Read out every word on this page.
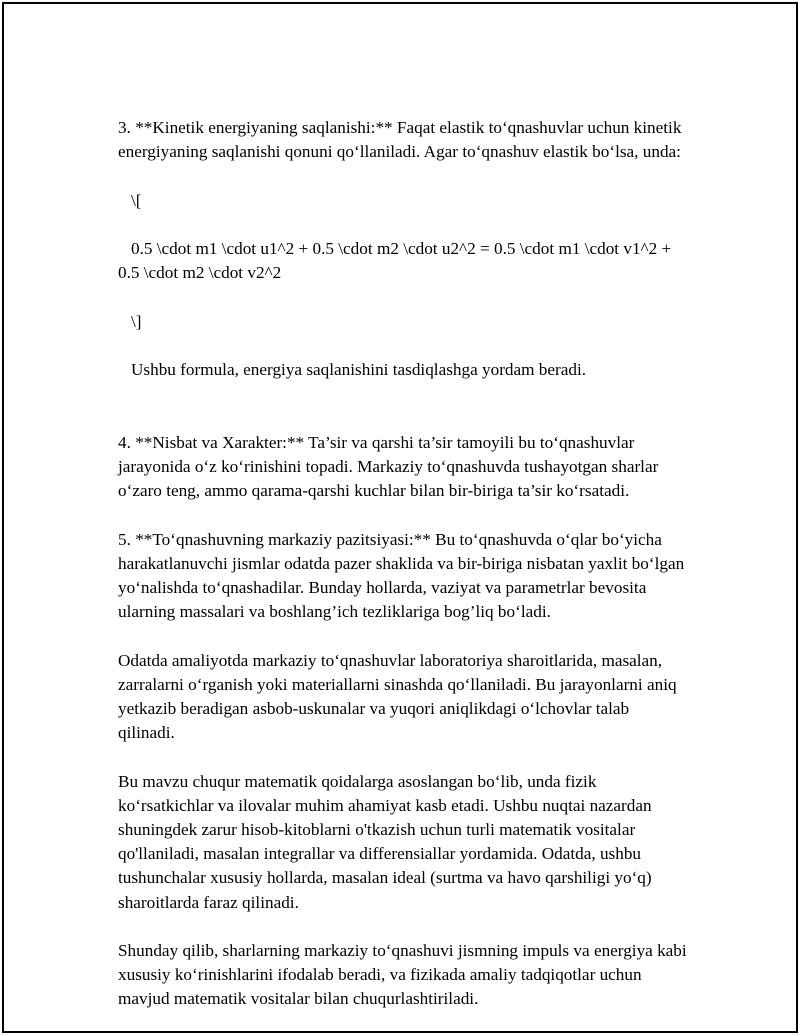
3. **Kinetik energiyaning saqlanishi:** Faqat elastik to‘qnashuvlar uchun kinetik energiyaning saqlanishi qonuni qo‘llaniladi. Agar to‘qnashuv elastik bo‘lsa, unda:

\[

0.5 \cdot m1 \cdot u1^2 + 0.5 \cdot m2 \cdot u2^2 = 0.5 \cdot m1 \cdot v1^2 + 0.5 \cdot m2 \cdot v2^2

\]

Ushbu formula, energiya saqlanishini tasdiqlashga yordam beradi.

4. **Nisbat va Xarakter:** Ta’sir va qarshi ta’sir tamoyili bu to‘qnashuvlar jarayonida o‘z ko‘rinishini topadi. Markaziy to‘qnashuvda tushayotgan sharlar o‘zaro teng, ammo qarama-qarshi kuchlar bilan bir-biriga ta’sir ko‘rsatadi.

5. **To‘qnashuvning markaziy pazitsiyasi:** Bu to‘qnashuvda o‘qlar bo‘yicha harakatlanuvchi jismlar odatda pazer shaklida va bir-biriga nisbatan yaxlit bo‘lgan yo‘nalishda to‘qnashadilar. Bunday hollarda, vaziyat va parametrlar bevosita ularning massalari va boshlang’ich tezliklariga bog’liq bo‘ladi.

Odatda amaliyotda markaziy to‘qnashuvlar laboratoriya sharoitlarida, masalan, zarralarni o‘rganish yoki materiallarni sinashda qo‘llaniladi. Bu jarayonlarni aniq yetkazib beradigan asbob-uskunalar va yuqori aniqlikdagi o‘lchovlar talab qilinadi.

Bu mavzu chuqur matematik qoidalarga asoslangan bo‘lib, unda fizik ko‘rsatkichlar va ilovalar muhim ahamiyat kasb etadi. Ushbu nuqtai nazardan shuningdek zarur hisob-kitoblarni o'tkazish uchun turli matematik vositalar qo'llaniladi, masalan integrallar va differensiallar yordamida. Odatda, ushbu tushunchalar xususiy hollarda, masalan ideal (surtma va havo qarshiligi yo‘q) sharoitlarda faraz qilinadi.

Shunday qilib, sharlarning markaziy to‘qnashuvi jismning impuls va energiya kabi xususiy ko‘rinishlarini ifodalab beradi, va fizikada amaliy tadqiqotlar uchun mavjud matematik vositalar bilan chuqurlashtiriladi.
